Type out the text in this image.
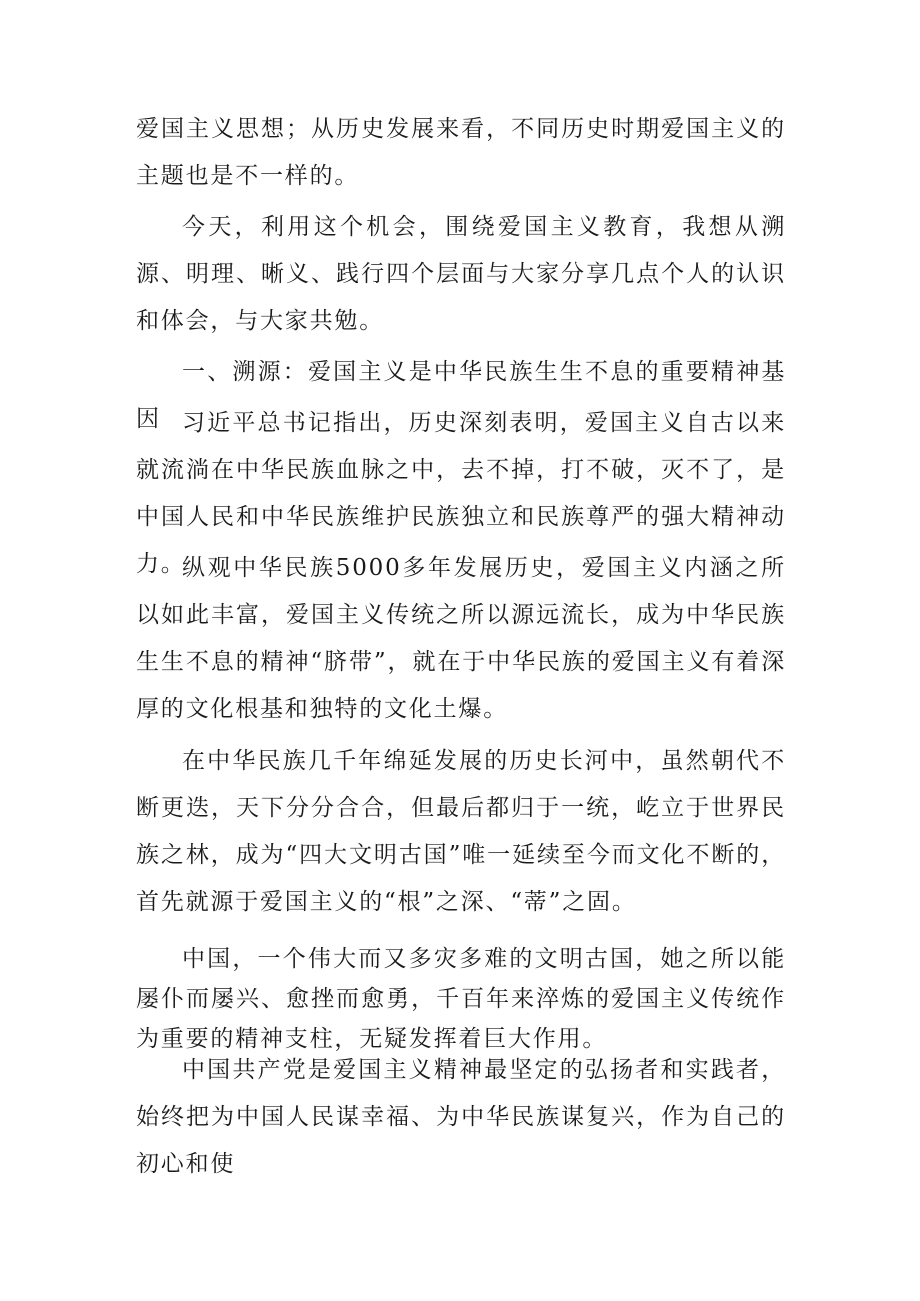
爱国主义思想；从历史发展来看，不同历史时期爱国主义的主题也是不一样的。

今天，利用这个机会，围绕爱国主义教育，我想从溯源、明理、晰义、践行四个层面与大家分享几点个人的认识和体会，与大家共勉。

一、溯源：爱国主义是中华民族生生不息的重要精神基因 习近平总书记指出，历史深刻表明，爱国主义自古以来就流淌在中华民族血脉之中，去不掉，打不破，灭不了，是中国人民和中华民族维护民族独立和民族尊严的强大精神动力。

纵观中华民族5000多年发展历史，爱国主义内涵之所以如此丰富，爱国主义传统之所以源远流长，成为中华民族生生不息的精神“脐带”，就在于中华民族的爱国主义有着深厚的文化根基和独特的文化土爆。

在中华民族几千年绵延发展的历史长河中，虽然朝代不断更迭，天下分分合合，但最后都归于一统，屹立于世界民族之林，成为“四大文明古国”唯一延续至今而文化不断的，首先就源于爱国主义的“根”之深、“蒂”之固。

中国，一个伟大而又多灾多难的文明古国，她之所以能屡仆而屡兴、愈挫而愈勇，千百年来淬炼的爱国主义传统作为重要的精神支柱，无疑发挥着巨大作用。

中国共产党是爱国主义精神最坚定的弘扬者和实践者，始终把为中国人民谋幸福、为中华民族谋复兴，作为自己的初心和使
